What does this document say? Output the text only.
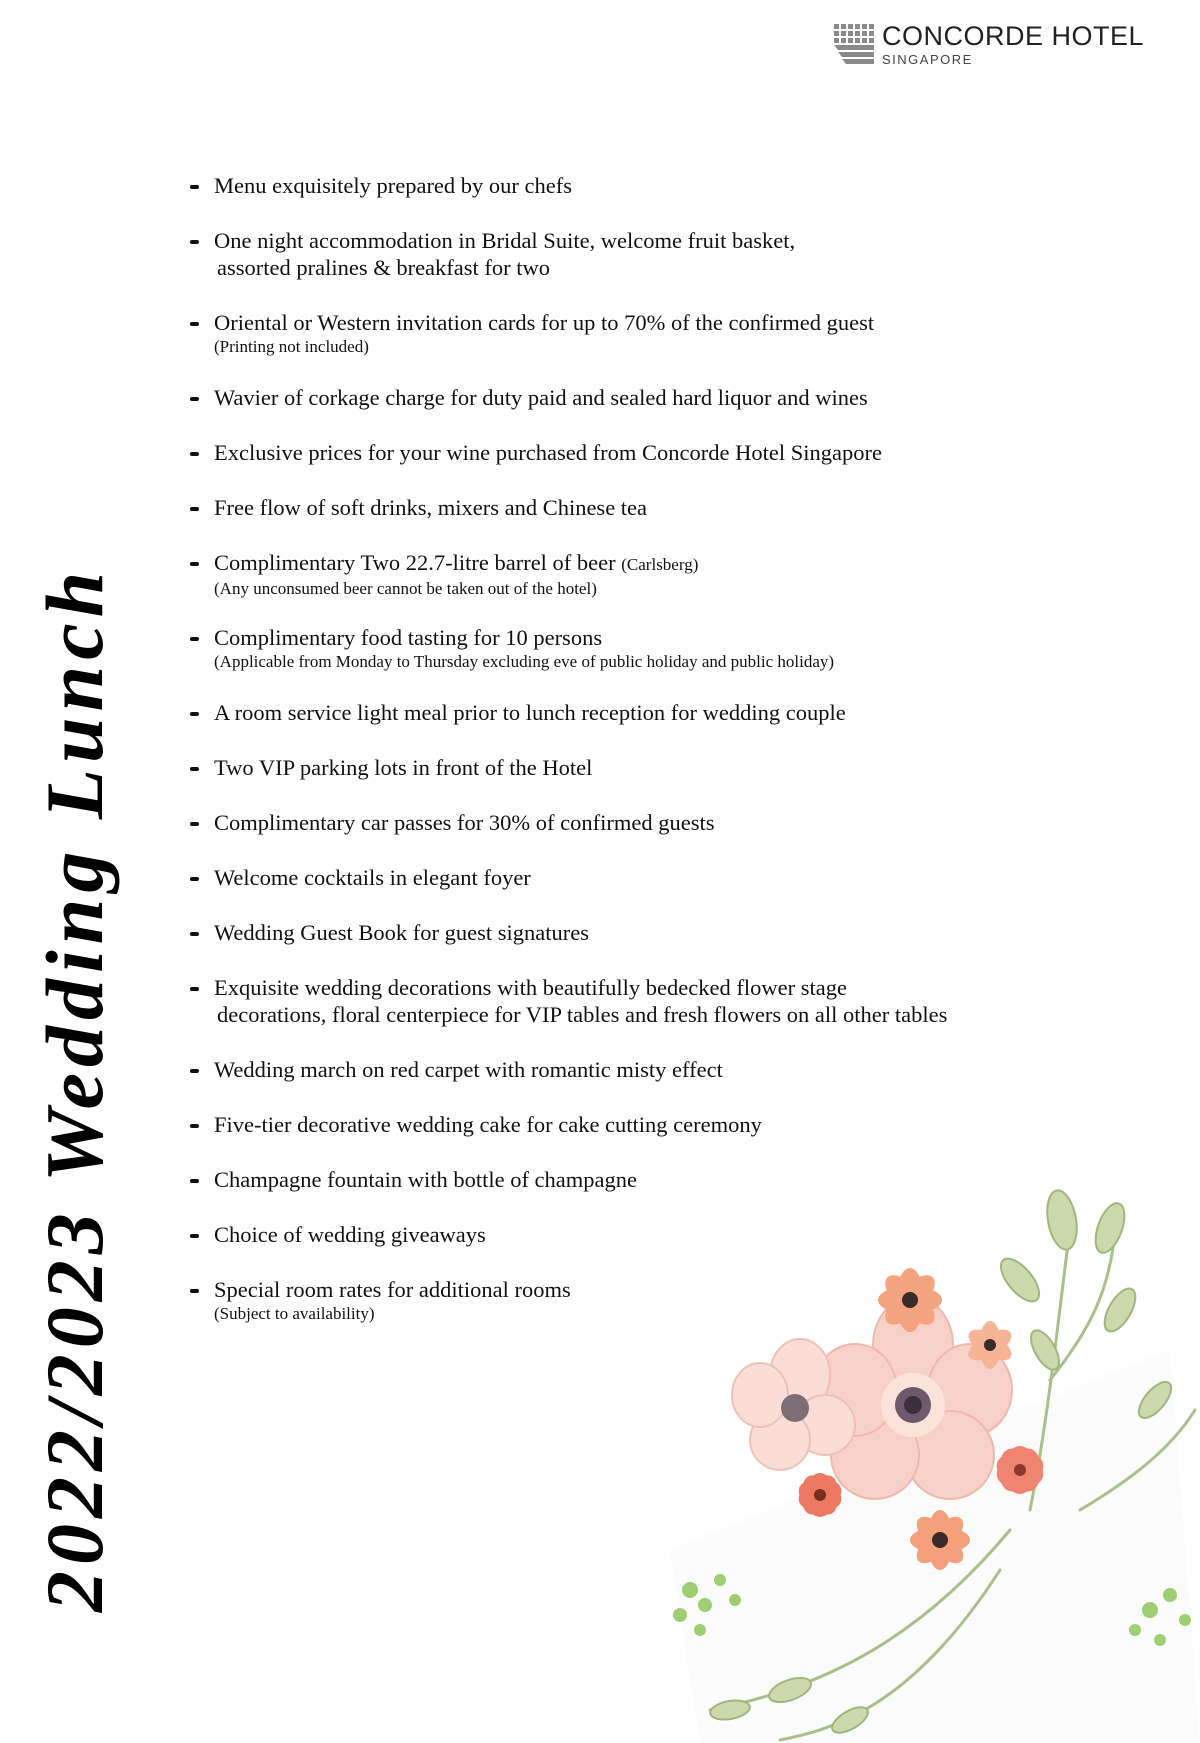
CONCORDE HOTEL
SINGAPORE
2022/2023 Wedding Lunch
Menu exquisitely prepared by our chefs
One night accommodation in Bridal Suite, welcome fruit basket,
assorted pralines & breakfast for two
Oriental or Western invitation cards for up to 70% of the confirmed guest
(Printing not included)
Wavier of corkage charge for duty paid and sealed hard liquor and wines
Exclusive prices for your wine purchased from Concorde Hotel Singapore
Free flow of soft drinks, mixers and Chinese tea
Complimentary Two 22.7-litre barrel of beer (Carlsberg)
(Any unconsumed beer cannot be taken out of the hotel)
Complimentary food tasting for 10 persons
(Applicable from Monday to Thursday excluding eve of public holiday and public holiday)
A room service light meal prior to lunch reception for wedding couple
Two VIP parking lots in front of the Hotel
Complimentary car passes for 30% of confirmed guests
Welcome cocktails in elegant foyer
Wedding Guest Book for guest signatures
Exquisite wedding decorations with beautifully bedecked flower stage
decorations, floral centerpiece for VIP tables and fresh flowers on all other tables
Wedding march on red carpet with romantic misty effect
Five-tier decorative wedding cake for cake cutting ceremony
Champagne fountain with bottle of champagne
Choice of wedding giveaways
Special room rates for additional rooms
(Subject to availability)
